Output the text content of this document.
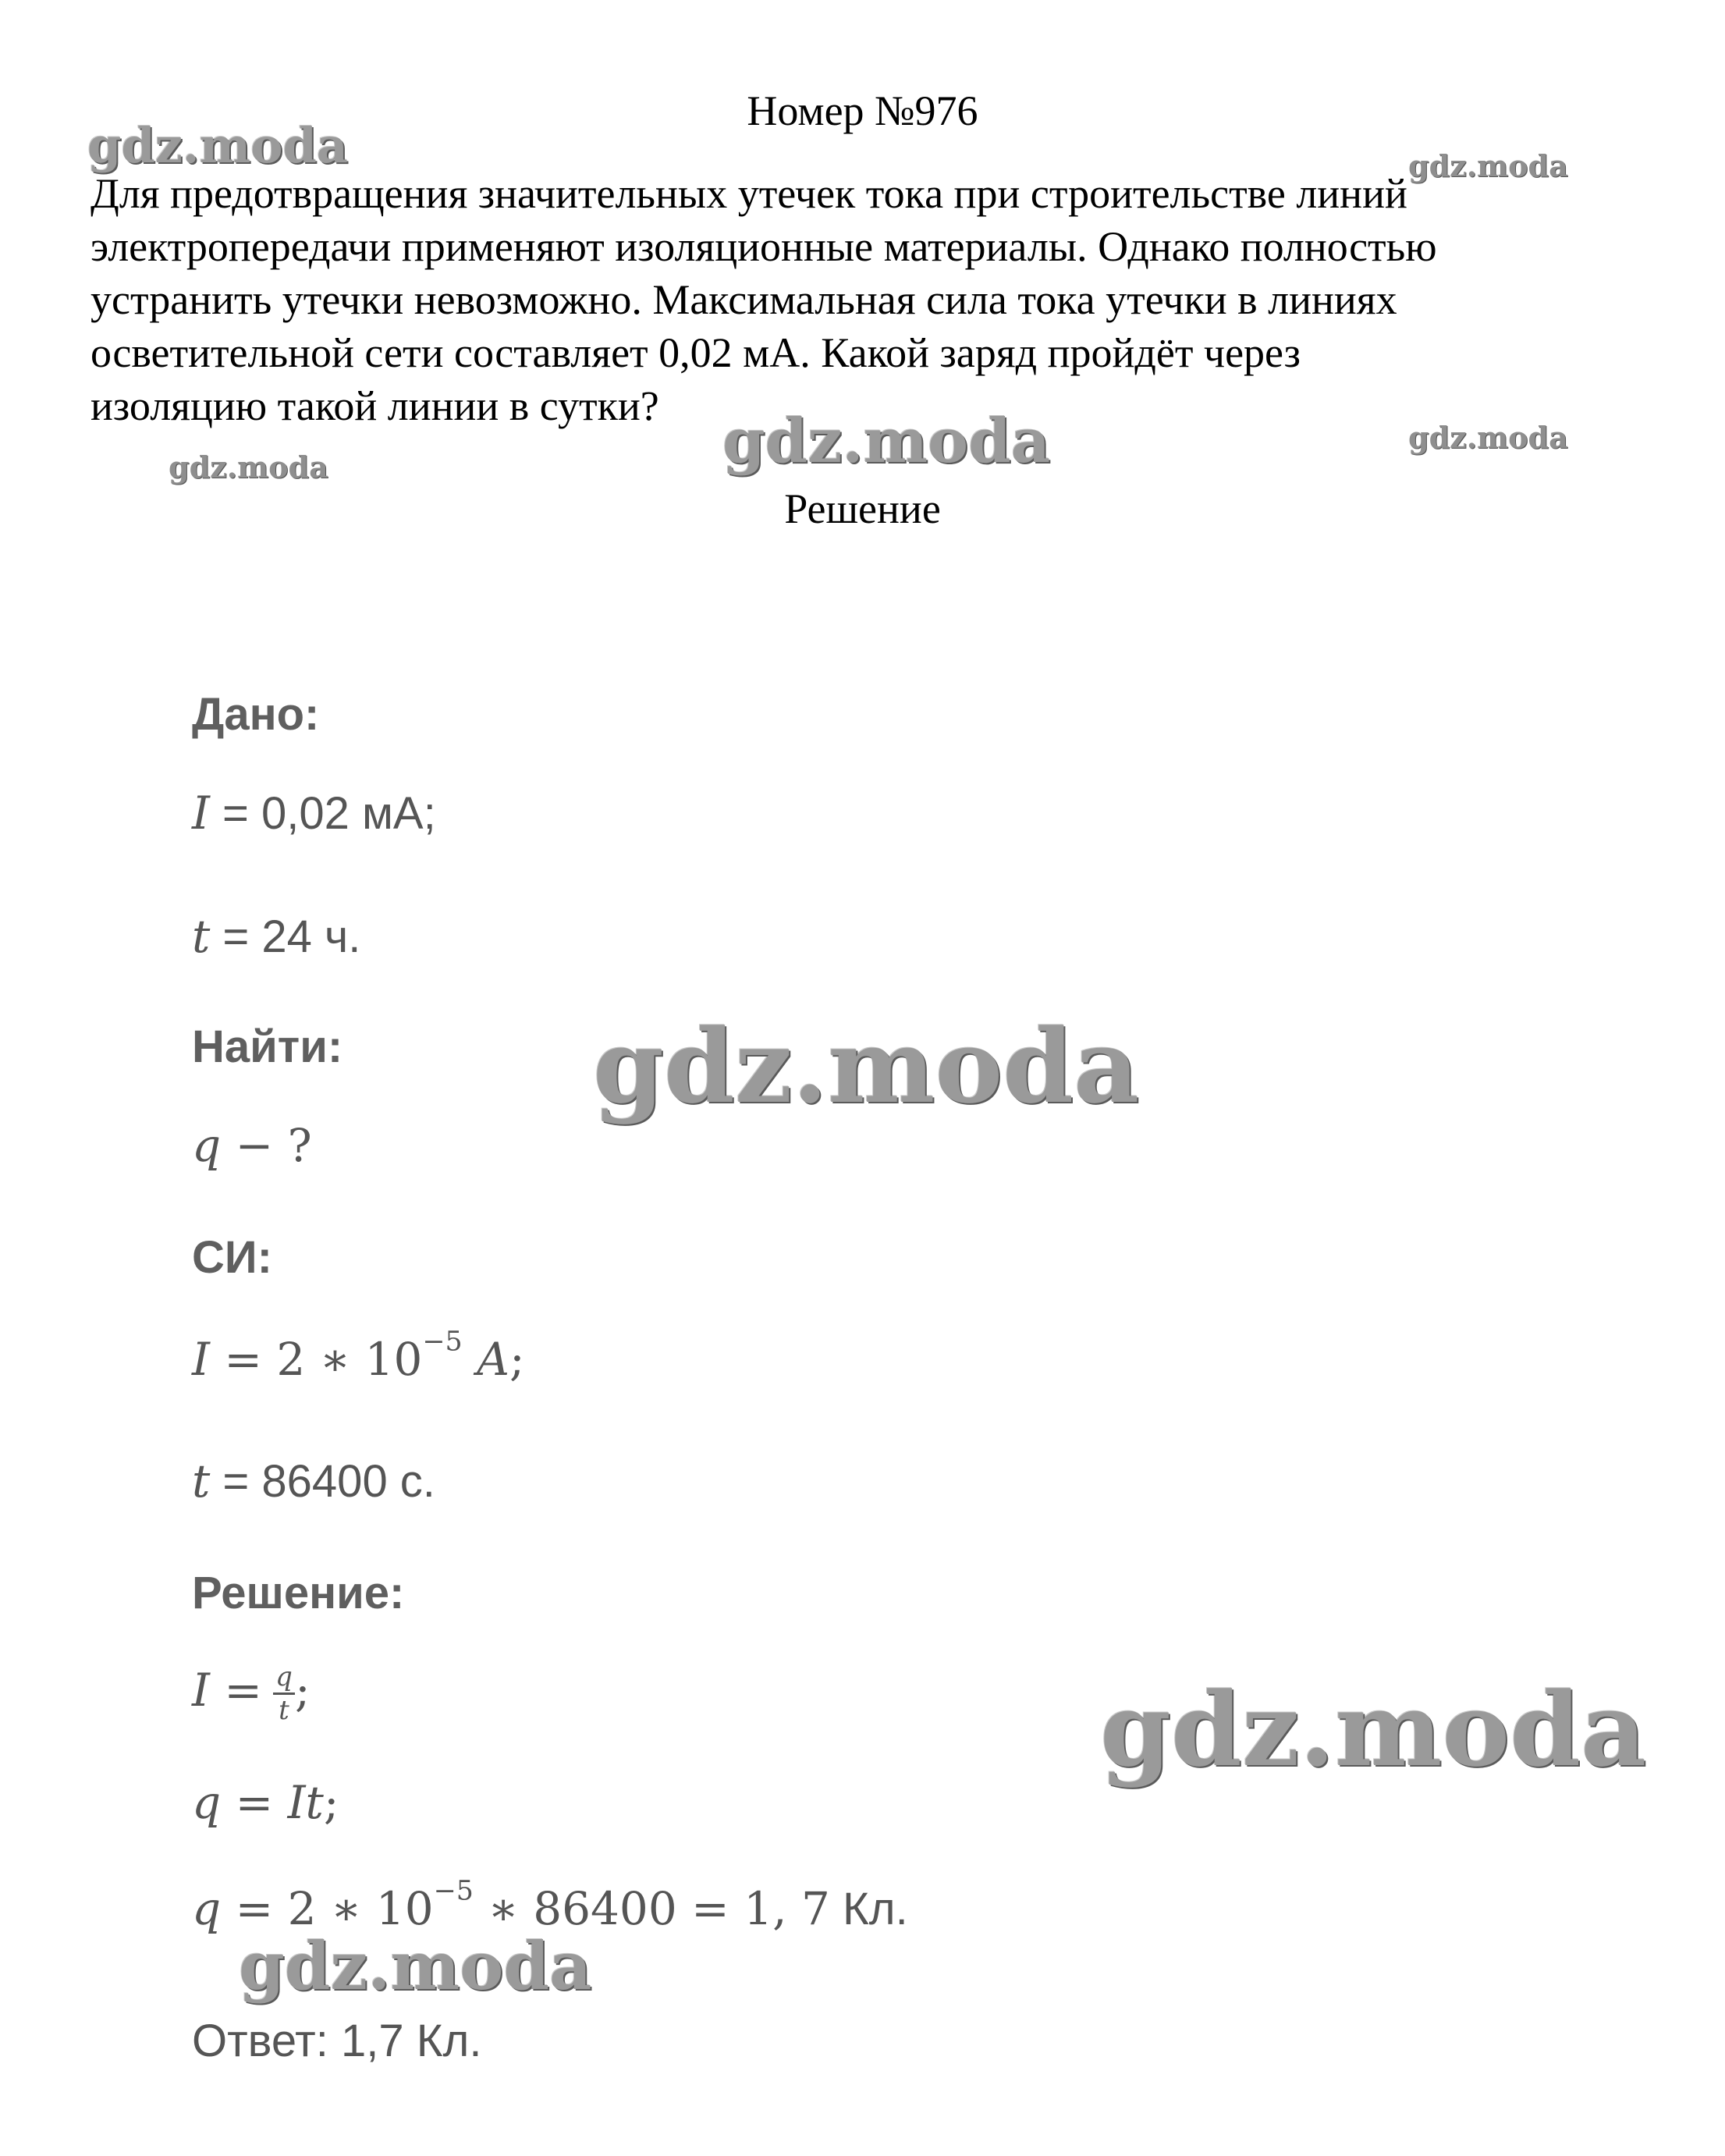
gdz.moda	gdz.moda
gdz.moda
gdz.moda	gdz.moda
Номер №976
Для предотвращения значительных утечек тока при строительстве линий
электропередачи применяют изоляционные материалы. Однако полностью
устранить утечки невозможно. Максимальная сила тока утечки в линиях
осветительной сети составляет 0,02 мА. Какой заряд пройдёт через
изоляцию такой линии в сутки?
Решение
Дано:
I = 0,02 мА;
t = 24 ч.
Найти:
q − ?
СИ:
I = 2 ∗ $10^{-5}$ A;
t = 86400 с.
Решение:
$I = \frac{q}{t}$ ;
q = It;
q = 2 ∗ $10^{-5}$ ∗ 86400 = 1, 7 Кл.
Ответ: 1,7 Кл.
gdz.moda
gdz.moda
gdz.moda
